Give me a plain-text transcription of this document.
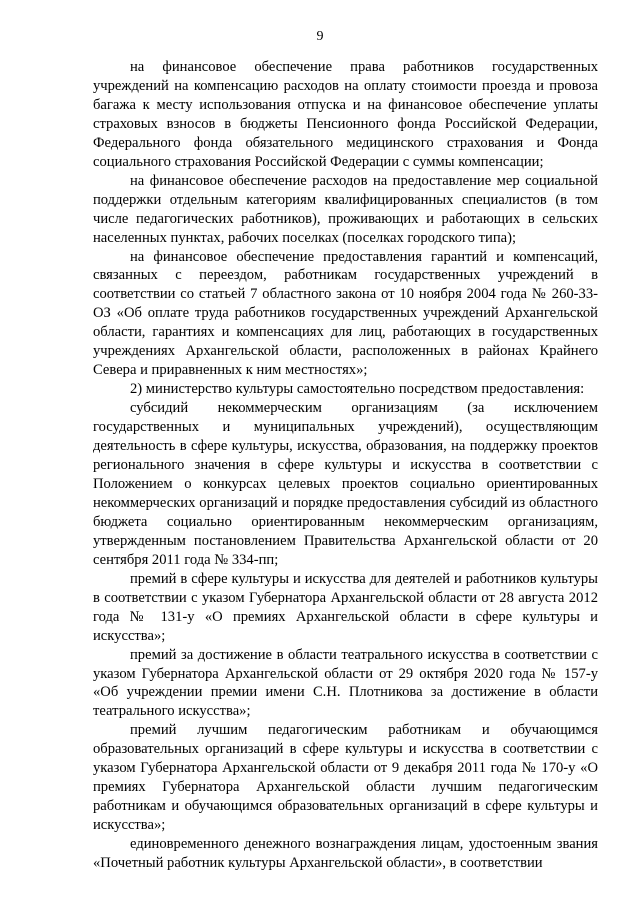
9

на финансовое обеспечение права работников государственных учреждений на компенсацию расходов на оплату стоимости проезда и провоза багажа к месту использования отпуска и на финансовое обеспечение уплаты страховых взносов в бюджеты Пенсионного фонда Российской Федерации, Федерального фонда обязательного медицинского страхования и Фонда социального страхования Российской Федерации с суммы компенсации;

на финансовое обеспечение расходов на предоставление мер социальной поддержки отдельным категориям квалифицированных специалистов (в том числе педагогических работников), проживающих и работающих в сельских населенных пунктах, рабочих поселках (поселках городского типа);

на финансовое обеспечение предоставления гарантий и компенсаций, связанных с переездом, работникам государственных учреждений в соответствии со статьей 7 областного закона от 10 ноября 2004 года № 260-33-ОЗ «Об оплате труда работников государственных учреждений Архангельской области, гарантиях и компенсациях для лиц, работающих в государственных учреждениях Архангельской области, расположенных в районах Крайнего Севера и приравненных к ним местностях»;

2) министерство культуры самостоятельно посредством предоставления:

субсидий некоммерческим организациям (за исключением государственных и муниципальных учреждений), осуществляющим деятельность в сфере культуры, искусства, образования, на поддержку проектов регионального значения в сфере культуры и искусства в соответствии с Положением о конкурсах целевых проектов социально ориентированных некоммерческих организаций и порядке предоставления субсидий из областного бюджета социально ориентированным некоммерческим организациям, утвержденным постановлением Правительства Архангельской области от 20 сентября 2011 года № 334-пп;

премий в сфере культуры и искусства для деятелей и работников культуры в соответствии с указом Губернатора Архангельской области от 28 августа 2012 года № 131-у «О премиях Архангельской области в сфере культуры и искусства»;

премий за достижение в области театрального искусства в соответствии с указом Губернатора Архангельской области от 29 октября 2020 года № 157-у «Об учреждении премии имени С.Н. Плотникова за достижение в области театрального искусства»;

премий лучшим педагогическим работникам и обучающимся образовательных организаций в сфере культуры и искусства в соответствии с указом Губернатора Архангельской области от 9 декабря 2011 года № 170-у «О премиях Губернатора Архангельской области лучшим педагогическим работникам и обучающимся образовательных организаций в сфере культуры и искусства»;

единовременного денежного вознаграждения лицам, удостоенным звания «Почетный работник культуры Архангельской области», в соответствии
